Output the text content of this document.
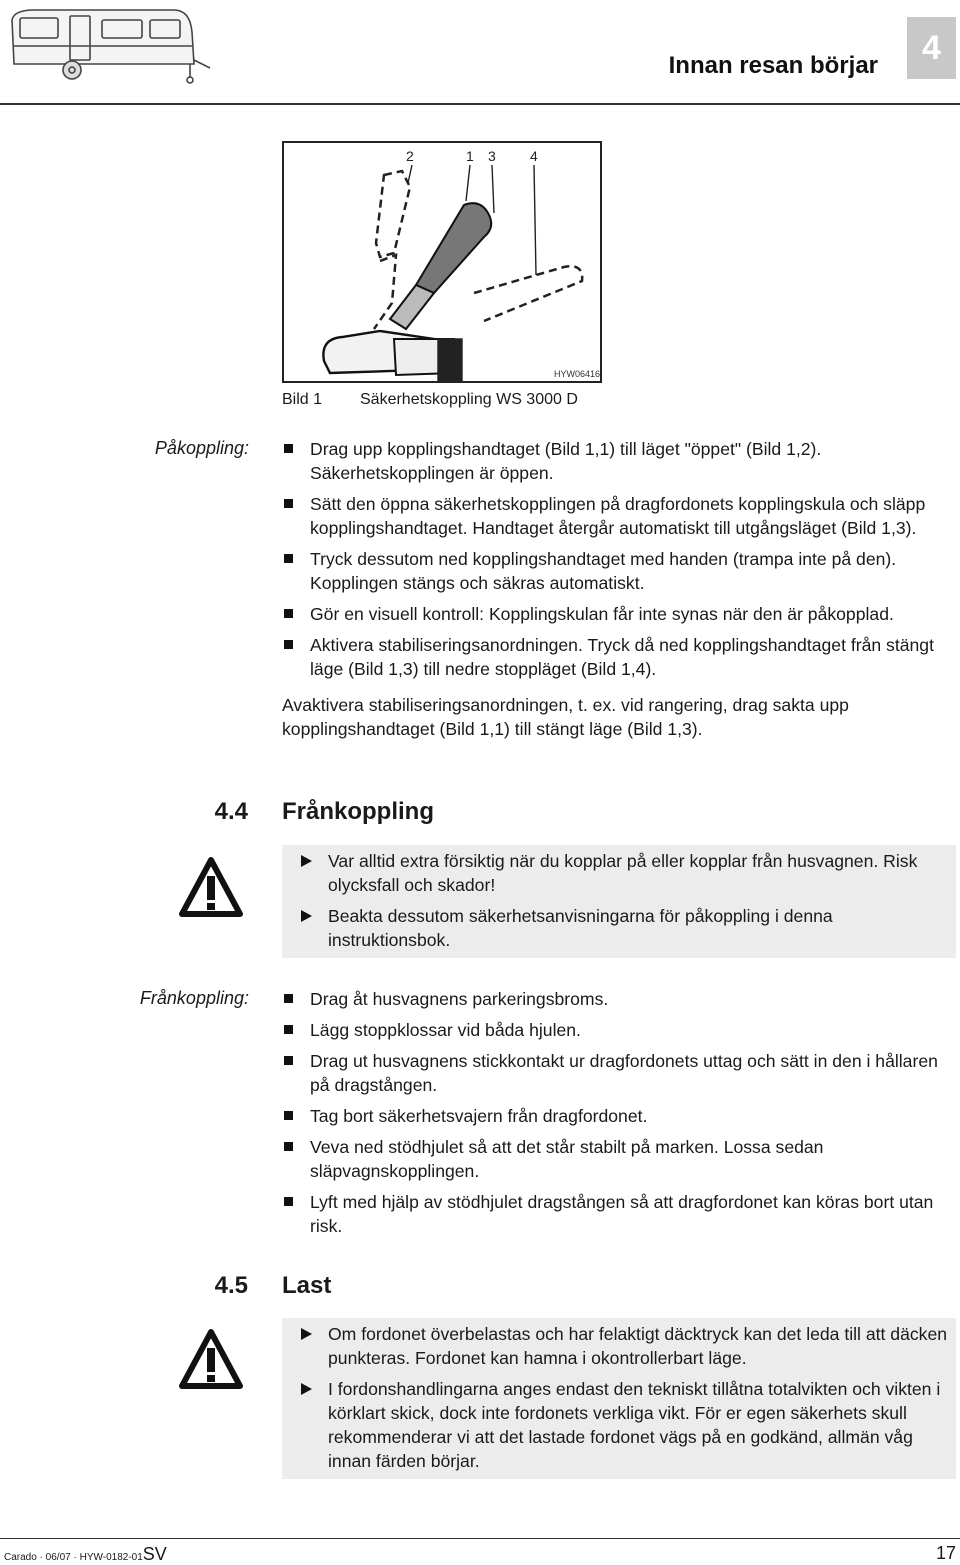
Innan resan börjar	4
2	1 3 4
HYW06416
Bild 1 Säkerhetskoppling WS 3000 D
Påkoppling:	Drag upp kopplingshandtaget (Bild 1,1) till läget "öppet" (Bild 1,2). Säkerhetskopplingen är öppen.
Sätt den öppna säkerhetskopplingen på dragfordonets kopplingskula och släpp kopplingshandtaget. Handtaget återgår automatiskt till utgångsläget (Bild 1,3).
Tryck dessutom ned kopplingshandtaget med handen (trampa inte på den). Kopplingen stängs och säkras automatiskt.
Gör en visuell kontroll: Kopplingskulan får inte synas när den är påkopplad.
Aktivera stabiliseringsanordningen. Tryck då ned kopplingshandtaget från stängt läge (Bild 1,3) till nedre stoppläget (Bild 1,4).
Avaktivera stabiliseringsanordningen, t. ex. vid rangering, drag sakta upp kopplingshandtaget (Bild 1,1) till stängt läge (Bild 1,3).
4.4 Frånkoppling
Var alltid extra försiktig när du kopplar på eller kopplar från husvagnen. Risk olycksfall och skador!
Beakta dessutom säkerhetsanvisningarna för påkoppling i denna instruktionsbok.
Frånkoppling:	Drag åt husvagnens parkeringsbroms.
Lägg stoppklossar vid båda hjulen.
Drag ut husvagnens stickkontakt ur dragfordonets uttag och sätt in den i hållaren på dragstången.
Tag bort säkerhetsvajern från dragfordonet.
Veva ned stödhjulet så att det står stabilt på marken. Lossa sedan släpvagnskopplingen.
Lyft med hjälp av stödhjulet dragstången så att dragfordonet kan köras bort utan risk.
4.5 Last
Om fordonet överbelastas och har felaktigt däcktryck kan det leda till att däcken punkteras. Fordonet kan hamna i okontrollerbart läge.
I fordonshandlingarna anges endast den tekniskt tillåtna totalvikten och vikten i körklart skick, dock inte fordonets verkliga vikt. För er egen säkerhets skull rekommenderar vi att det lastade fordonet vägs på en godkänd, allmän våg innan färden börjar.
Carado · 06/07 · HYW-0182-01SV	17
